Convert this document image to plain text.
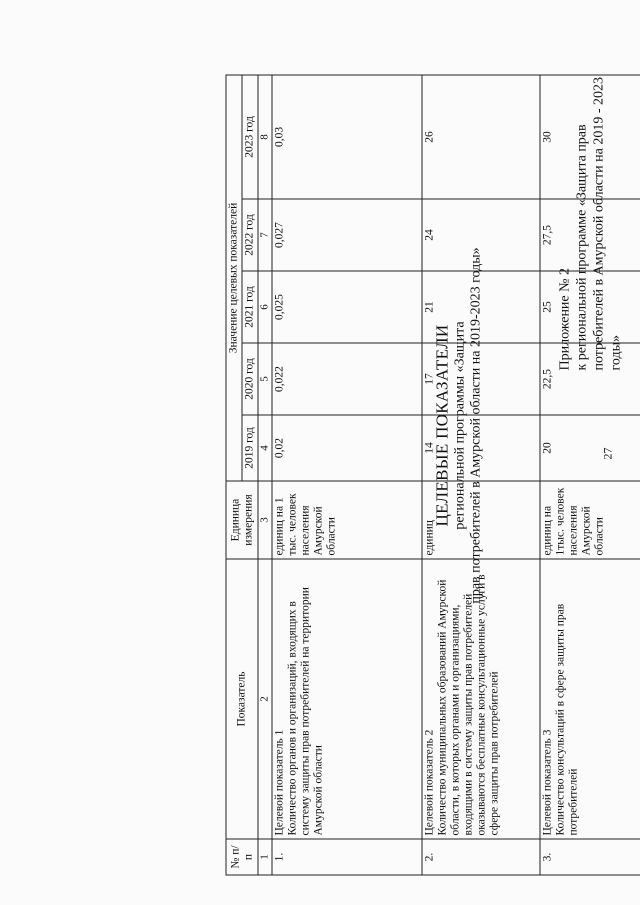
27
Приложение № 2 к региональной программе «Защита прав потребителей в Амурской области на 2019 - 2023 годы»

ЦЕЛЕВЫЕ ПОКАЗАТЕЛИ региональной программы «Защита прав потребителей в Амурской области на 2019-2023 годы»

№ п/п	Показатель	Единица измерения	Значение целевых показателей				
			2019 год	2020 год	2021 год	2022 год	2023 год
1	2	3	4	5	6	7	8
1.	Целевой показатель 1 Количество органов и организаций, входящих в систему защиты прав потребителей на территории Амурской области	единиц на 1 тыс. человек населения Амурской области	0,02	0,022	0,025	0,027	0,03
2.	Целевой показатель 2 Количество муниципальных образований Амурской области, в которых органами и организациями, входящими в систему защиты прав потребителей оказываются бесплатные консультационные услуги в сфере защиты прав потребителей	единиц	14	17	21	24	26
3.	Целевой показатель 3 Количество консультаций в сфере защиты прав потребителей	единиц на 1тыс. человек населения Амурской области	20	22,5	25	27,5	30
